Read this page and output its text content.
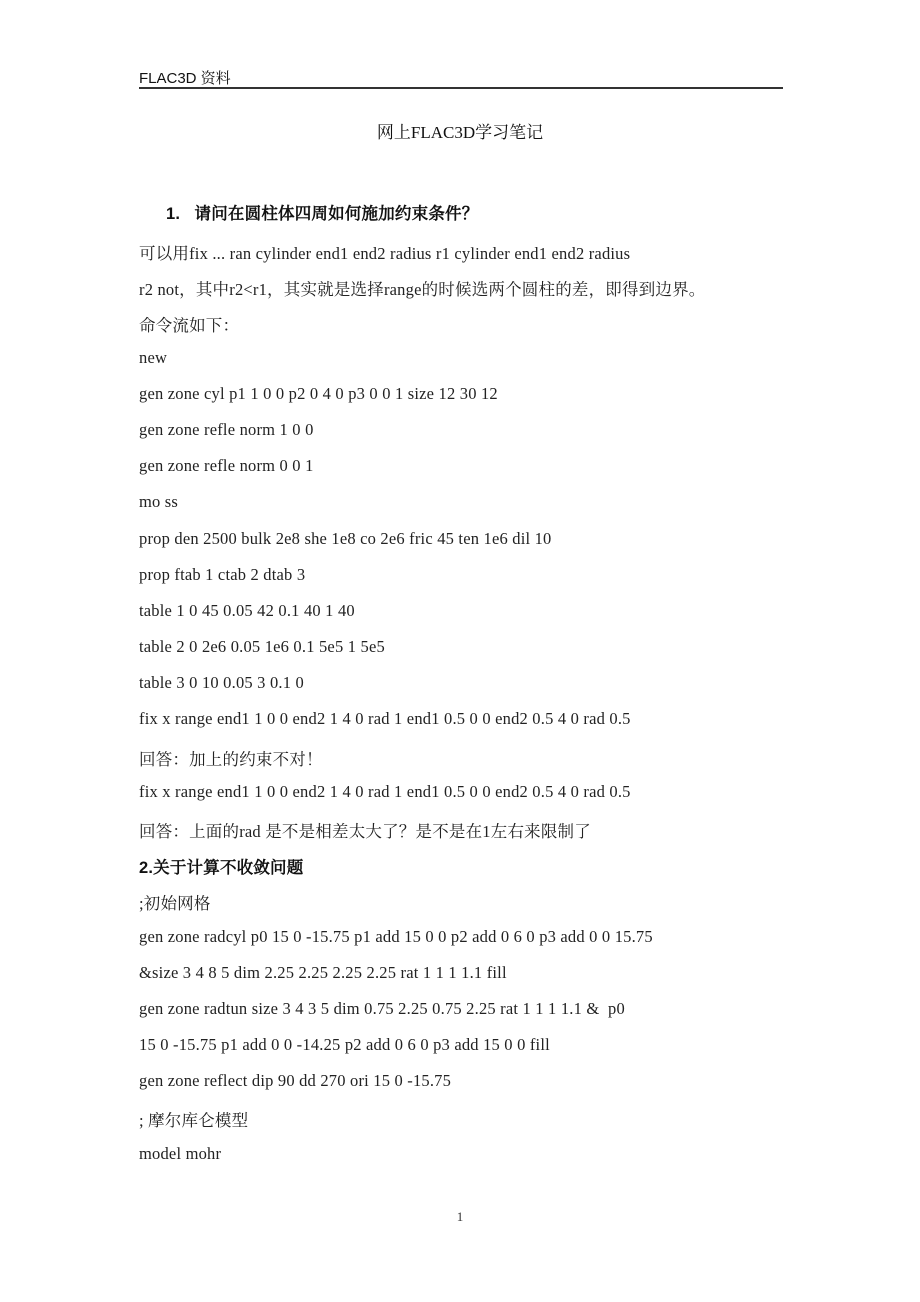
FLAC3D 资料
网上FLAC3D学习笔记
1.   请问在圆柱体四周如何施加约束条件？
可以用fix ... ran cylinder end1 end2 radius r1 cylinder end1 end2 radius
r2 not，其中r2<r1，其实就是选择range的时候选两个圆柱的差，即得到边界。
命令流如下：
new
gen zone cyl p1 1 0 0 p2 0 4 0 p3 0 0 1 size 12 30 12
gen zone refle norm 1 0 0
gen zone refle norm 0 0 1
mo ss
prop den 2500 bulk 2e8 she 1e8 co 2e6 fric 45 ten 1e6 dil 10
prop ftab 1 ctab 2 dtab 3
table 1 0 45 0.05 42 0.1 40 1 40
table 2 0 2e6 0.05 1e6 0.1 5e5 1 5e5
table 3 0 10 0.05 3 0.1 0
fix x range end1 1 0 0 end2 1 4 0 rad 1 end1 0.5 0 0 end2 0.5 4 0 rad 0.5
回答：加上的约束不对！
fix x range end1 1 0 0 end2 1 4 0 rad 1 end1 0.5 0 0 end2 0.5 4 0 rad 0.5
回答：上面的rad 是不是相差太大了？是不是在1左右来限制了
2.关于计算不收敛问题
;初始网格
gen zone radcyl p0 15 0 -15.75 p1 add 15 0 0 p2 add 0 6 0 p3 add 0 0 15.75
&size 3 4 8 5 dim 2.25 2.25 2.25 2.25 rat 1 1 1 1.1 fill
gen zone radtun size 3 4 3 5 dim 0.75 2.25 0.75 2.25 rat 1 1 1 1.1 &  p0
15 0 -15.75 p1 add 0 0 -14.25 p2 add 0 6 0 p3 add 15 0 0 fill
gen zone reflect dip 90 dd 270 ori 15 0 -15.75
; 摩尔库仑模型
model mohr
1
